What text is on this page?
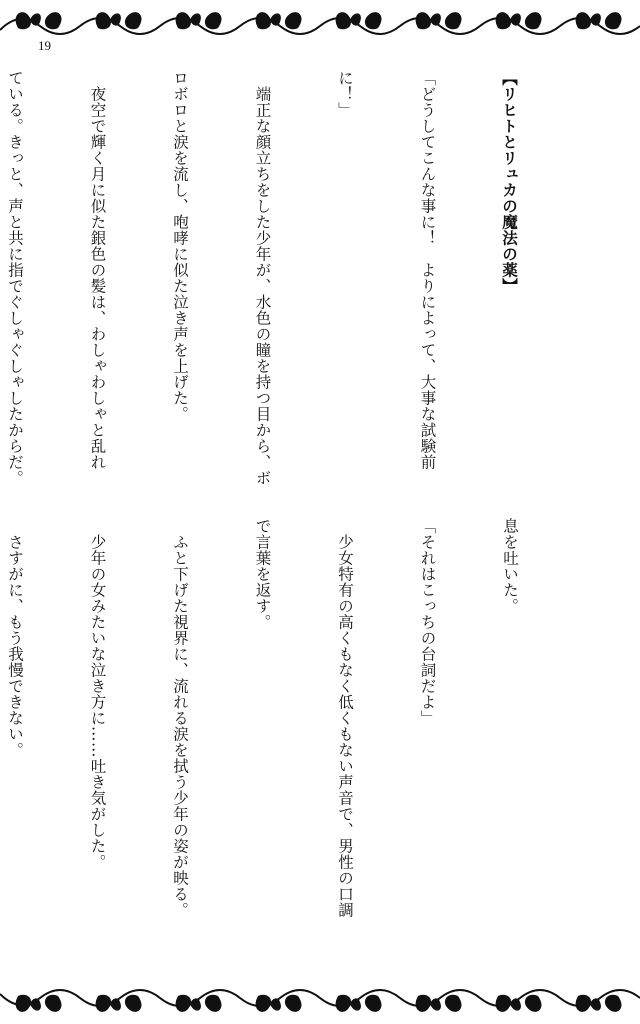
19

【リヒトとリュカの魔法の薬】

「どうしてこんな事に！　よりによって、大事な試験前

に！」

　端正な顔立ちをした少年が、水色の瞳を持つ目から、ボ

ロボロと涙を流し、咆哮に似た泣き声を上げた。

　夜空で輝く月に似た銀色の髪は、わしゃわしゃと乱れ

ている。きっと、声と共に指でぐしゃぐしゃしたからだ。

息を吐いた。

「それはこっちの台詞だよ」

　少女特有の高くもなく低くもない声音で、男性の口調

で言葉を返す。

　ふと下げた視界に、流れる涙を拭う少年の姿が映る。

　少年の女みたいな泣き方に……吐き気がした。

　さすがに、もう我慢できない。
